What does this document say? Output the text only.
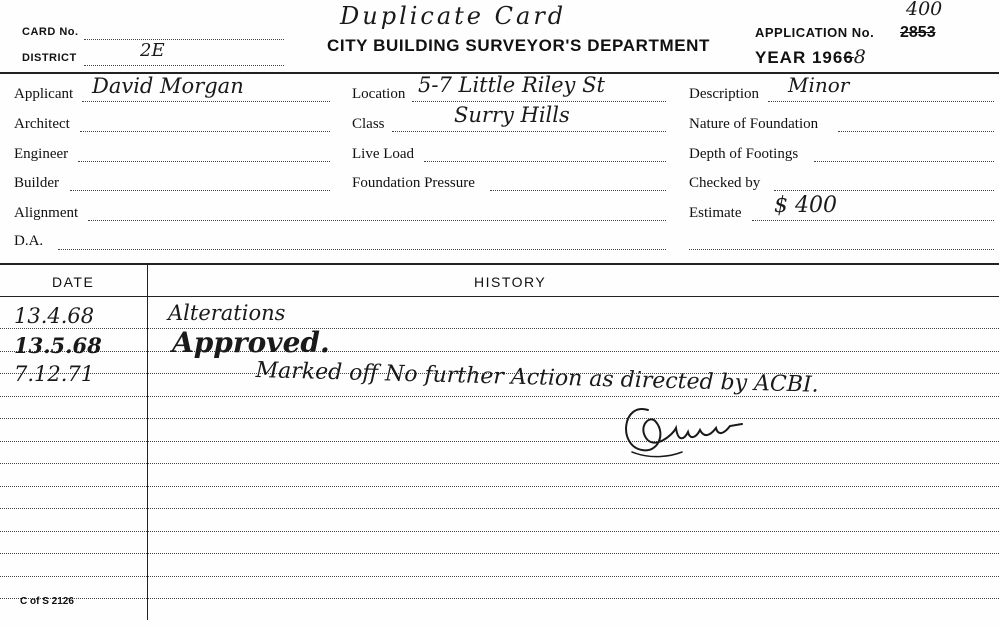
CARD No.
DISTRICT	2E
Duplicate Card
CITY BUILDING SURVEYOR'S DEPARTMENT
APPLICATION No. 2853
400
YEAR 19668
Applicant David Morgan
Architect
Engineer
Builder
Alignment
D.A.
Location 5-7 Little Riley St
Class	Surry Hills
Live Load
Foundation Pressure
Description Minor
Nature of Foundation
Depth of Footings
Checked by
Estimate $ 400
DATE	HISTORY
13.4.68	Alterations
13.5.68	Approved.
7.12.71	Marked off No further Action as directed by ACBI.
C of S 2126
